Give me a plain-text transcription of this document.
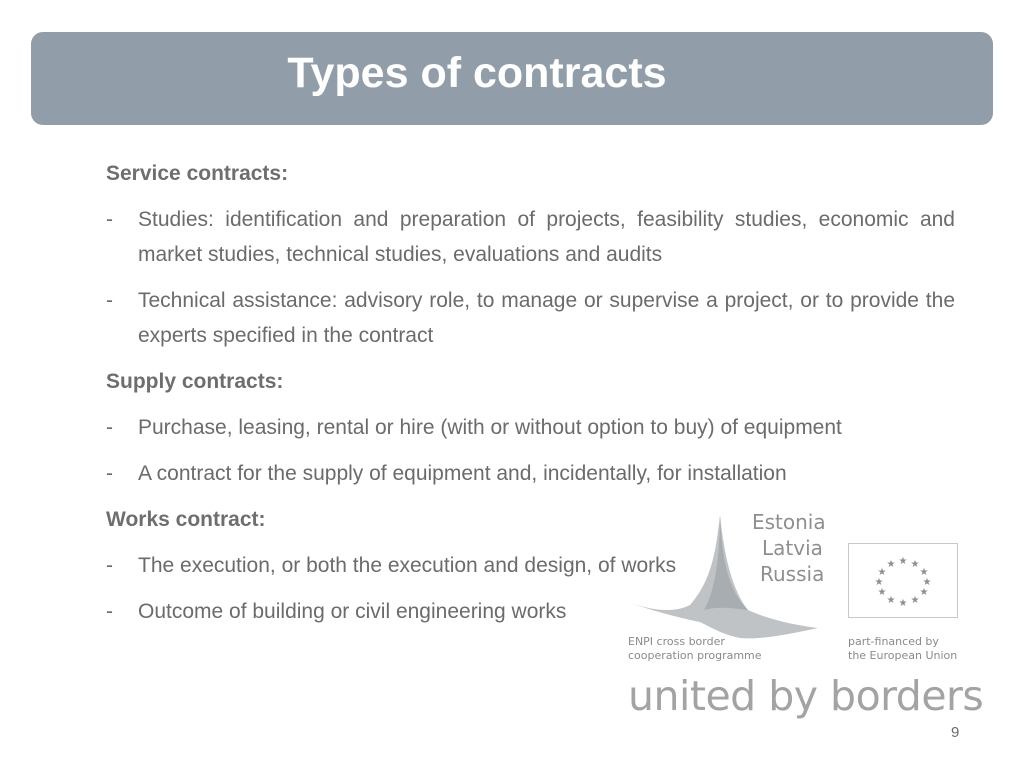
Types of contracts
Estonia
Latvia
Russia
ENPI cross border
cooperation programme
★ ★
★
★
★
★
★
★
★
★
★
★
part-financed by
the European Union
united by borders
Service contracts:
- Studies: identification and preparation of projects, feasibility studies, economic and market studies, technical studies, evaluations and audits
- Technical assistance: advisory role, to manage or supervise a project, or to provide the experts specified in the contract
Supply contracts:
- Purchase, leasing, rental or hire (with or without option to buy) of equipment
- A contract for the supply of equipment and, incidentally, for installation
Works contract:
- The execution, or both the execution and design, of works
- Outcome of building or civil engineering works
9
